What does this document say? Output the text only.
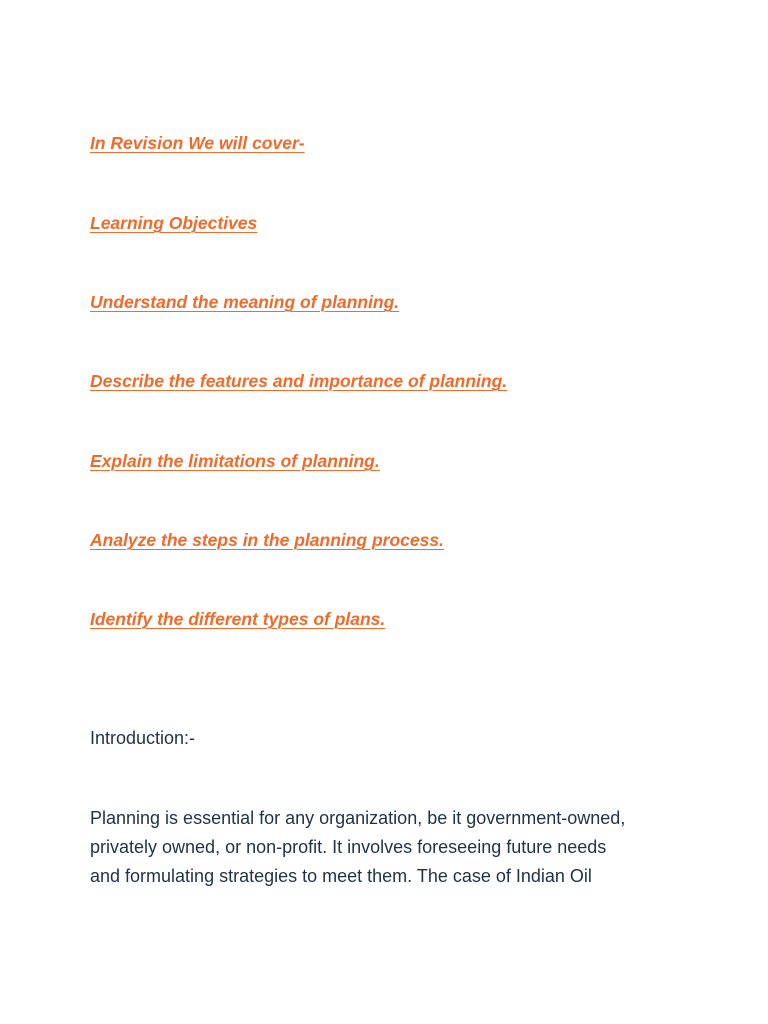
In Revision We will cover-
Learning Objectives
Understand the meaning of planning.
Describe the features and importance of planning.
Explain the limitations of planning.
Analyze the steps in the planning process.
Identify the different types of plans.

Introduction:-

Planning is essential for any organization, be it government-owned,
privately owned, or non-profit. It involves foreseeing future needs
and formulating strategies to meet them. The case of Indian Oil
